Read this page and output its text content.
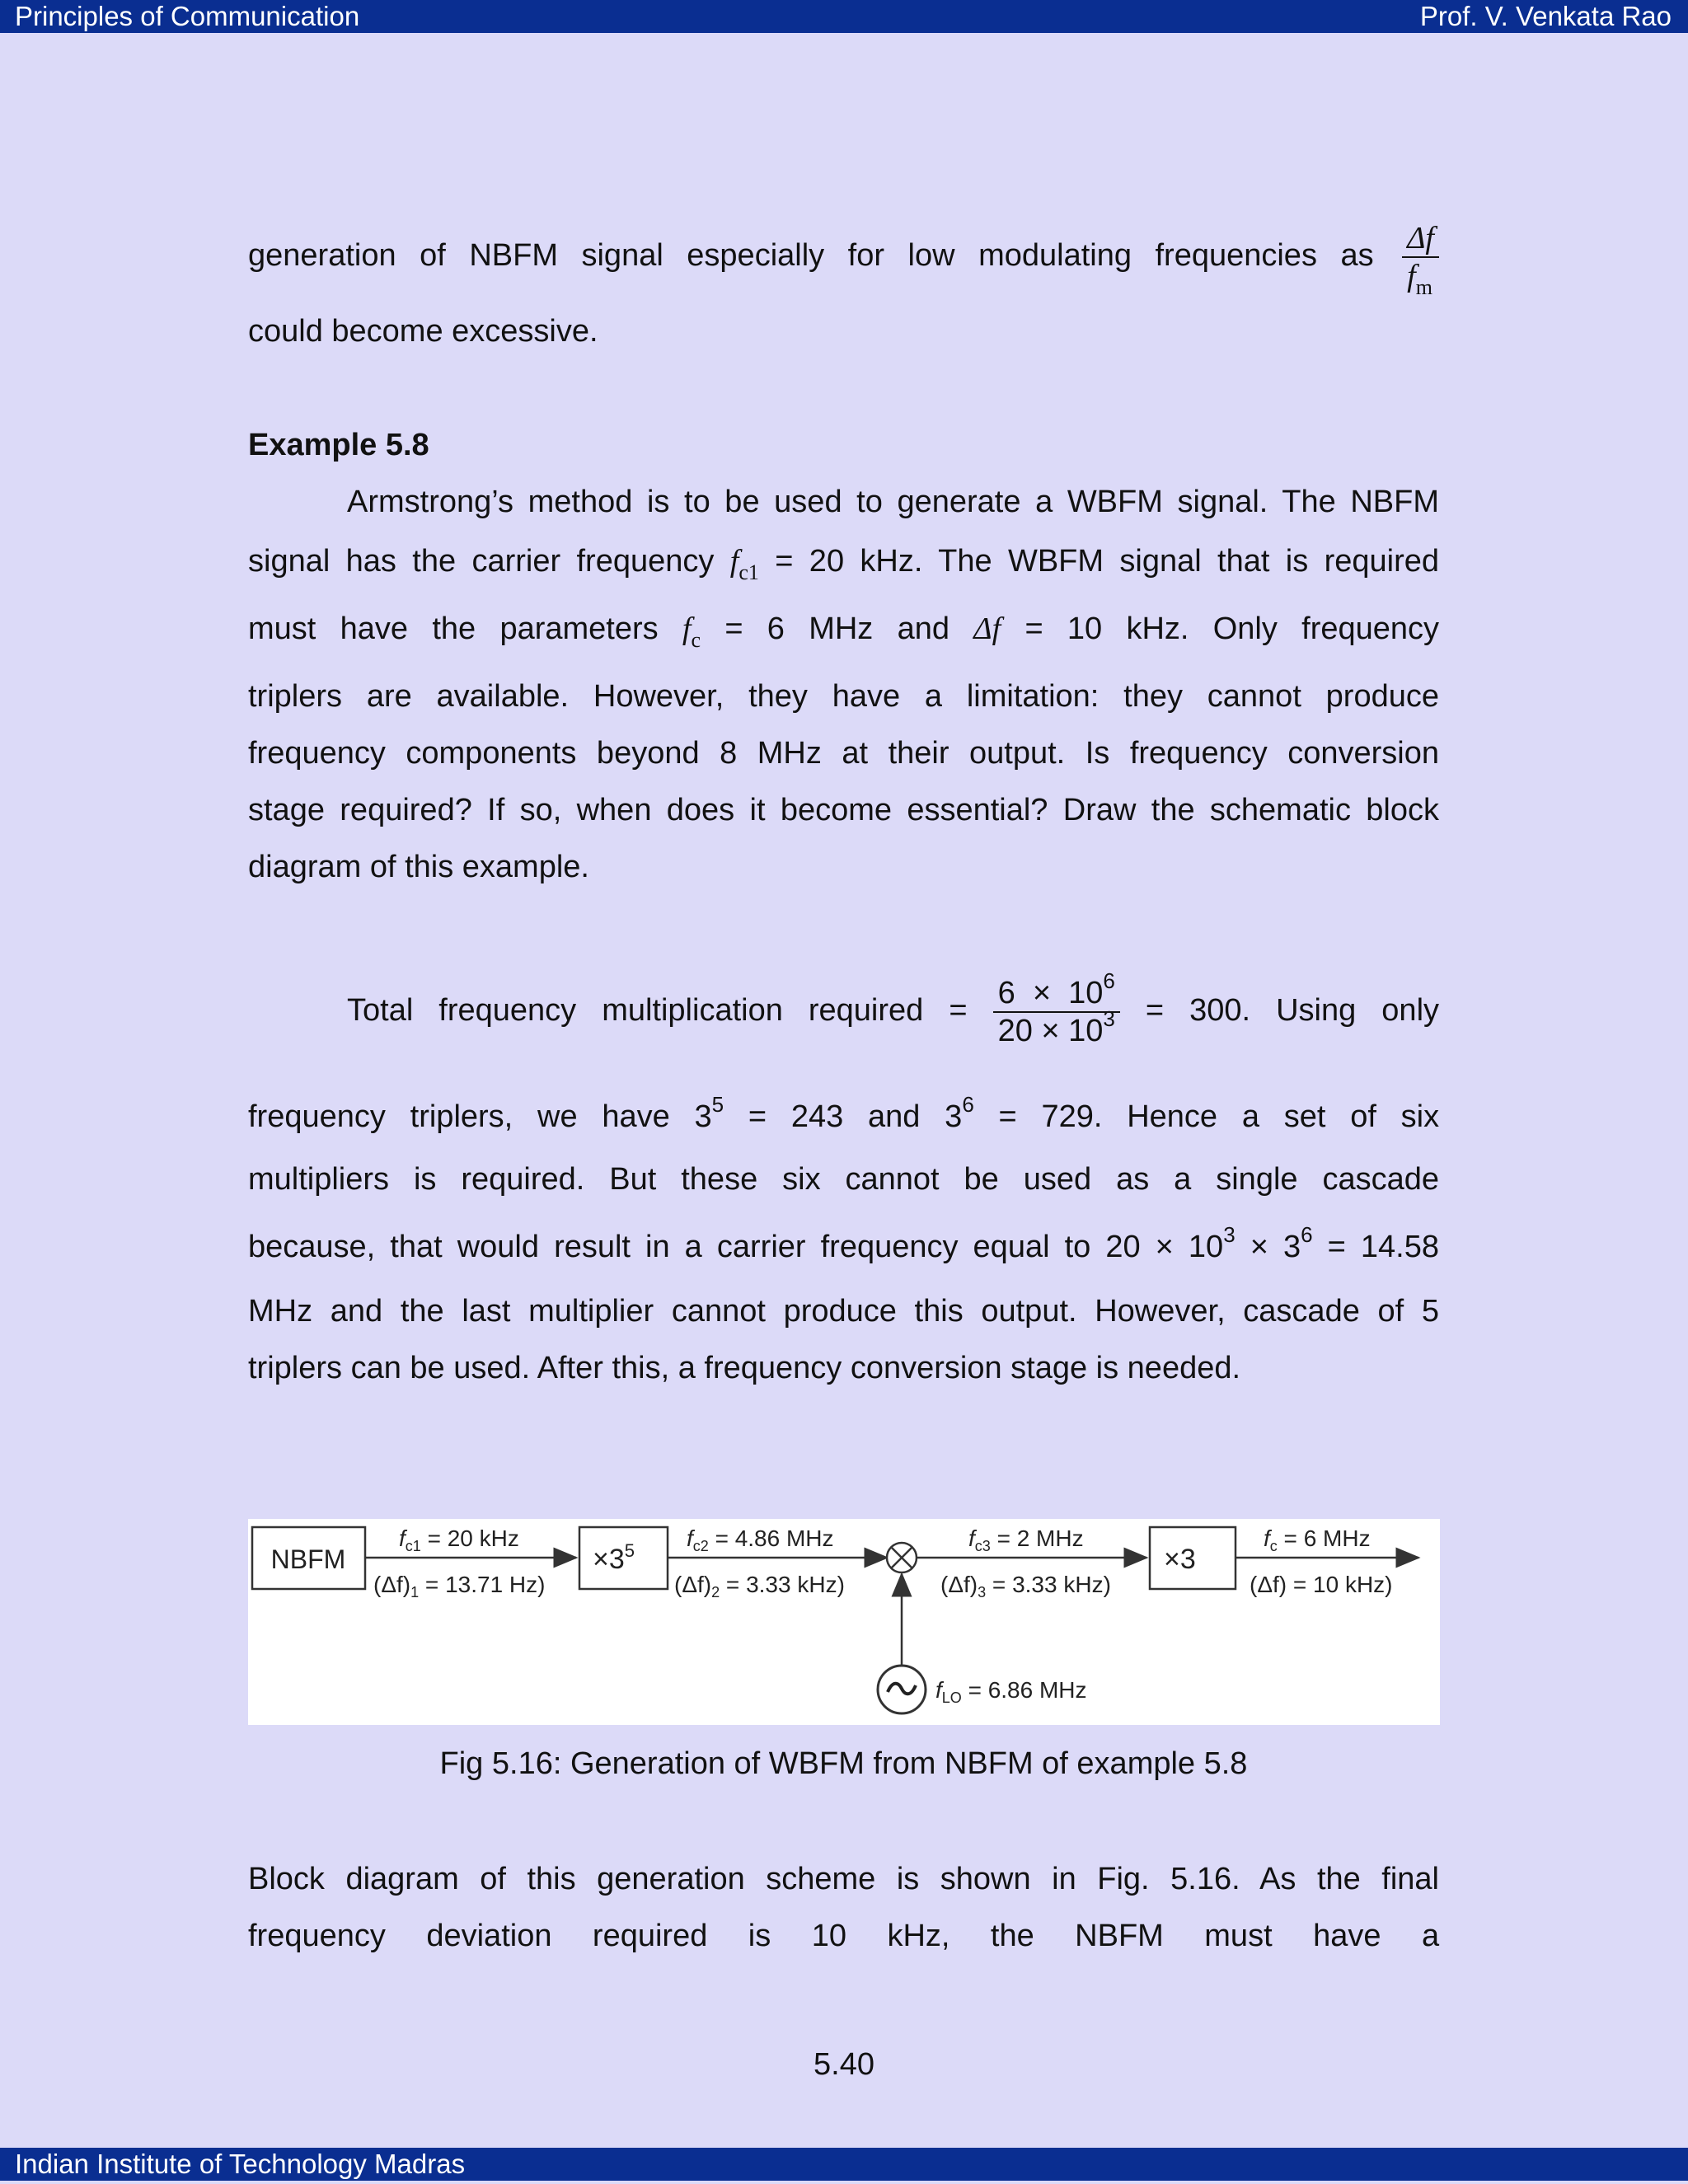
Principles of Communication	Prof. V. Venkata Rao
generation of NBFM signal especially for low modulating frequencies as $\frac{\Delta f}{f_m}$
could become excessive.
Example 5.8
Armstrong’s method is to be used to generate a WBFM signal. The NBFM
signal has the carrier frequency $f_{c1} = 20$ kHz. The WBFM signal that is required
must have the parameters $f_c = 6$ MHz and Δf = 10 kHz. Only frequency
triplers are available. However, they have a limitation: they cannot produce
frequency components beyond 8 MHz at their output. Is frequency conversion
stage required? If so, when does it become essential? Draw the schematic block
diagram of this example.
Total frequency multiplication required = $\frac{6 \times 10^6}{20 \times 10^3} = 300$. Using only
frequency triplers, we have $3^5 = 243$ and $3^6 = 729$. Hence a set of six
multipliers is required. But these six cannot be used as a single cascade
because, that would result in a carrier frequency equal to $20 \times 10^3 \times 3^6 = 14.58$
MHz and the last multiplier cannot produce this output. However, cascade of 5
triplers can be used. After this, a frequency conversion stage is needed.
NBFM
$f_{c1} = 20$ kHz
$(\Delta f)_1 = 13.71$ Hz)
$\times 3^5$ $f_{c2} = 4.86$ MHz
$(\Delta f)_2 = 3.33$ kHz)
$f_{c3} = 2$ MHz
$(\Delta f)_3 = 3.33$ kHz)
×3
$f_c = 6$ MHz
(Δf) = 10 kHz)
$f_{LO} = 6.86$ MHz
Fig 5.16: Generation of WBFM from NBFM of example 5.8
Block diagram of this generation scheme is shown in Fig. 5.16. As the final
frequency deviation required is 10 kHz, the NBFM must have a
5.40
Indian Institute of Technology Madras
